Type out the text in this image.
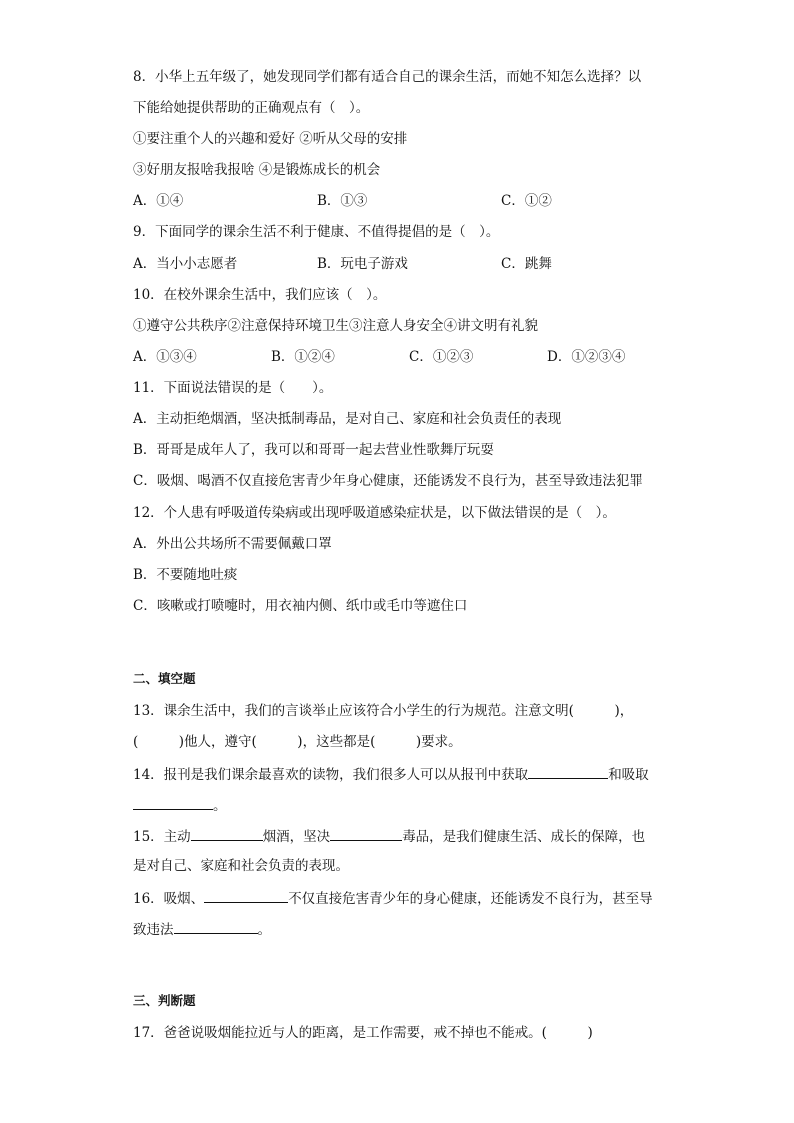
8．小华上五年级了，她发现同学们都有适合自己的课余生活，而她不知怎么选择？以
下能给她提供帮助的正确观点有（　）。
①要注重个人的兴趣和爱好 ②听从父母的安排
③好朋友报啥我报啥 ④是锻炼成长的机会
A．①④	B．①③	C．①②
9．下面同学的课余生活不利于健康、不值得提倡的是（　）。
A．当小小志愿者	B．玩电子游戏	C．跳舞
10．在校外课余生活中，我们应该（　）。
①遵守公共秩序②注意保持环境卫生③注意人身安全④讲文明有礼貌
A．①③④	B．①②④	C．①②③	D．①②③④
11．下面说法错误的是（　　）。
A．主动拒绝烟酒，坚决抵制毒品，是对自己、家庭和社会负责任的表现
B．哥哥是成年人了，我可以和哥哥一起去营业性歌舞厅玩耍
C．吸烟、喝酒不仅直接危害青少年身心健康，还能诱发不良行为，甚至导致违法犯罪
12．个人患有呼吸道传染病或出现呼吸道感染症状是，以下做法错误的是（　）。
A．外出公共场所不需要佩戴口罩
B．不要随地吐痰
C．咳嗽或打喷嚏时，用衣袖内侧、纸巾或毛巾等遮住口
二、填空题
13．课余生活中，我们的言谈举止应该符合小学生的行为规范。注意文明(　　　)，
(　　　)他人，遵守(　　　)，这些都是(　　　)要求。
14．报刊是我们课余最喜欢的读物，我们很多人可以从报刊中获取	和吸取
。
15．主动	烟酒，坚决	毒品，是我们健康生活、成长的保障，也
是对自己、家庭和社会负责的表现。
16．吸烟、	不仅直接危害青少年的身心健康，还能诱发不良行为，甚至导
致违法	。
三、判断题
17．爸爸说吸烟能拉近与人的距离，是工作需要，戒不掉也不能戒。(　　　)
